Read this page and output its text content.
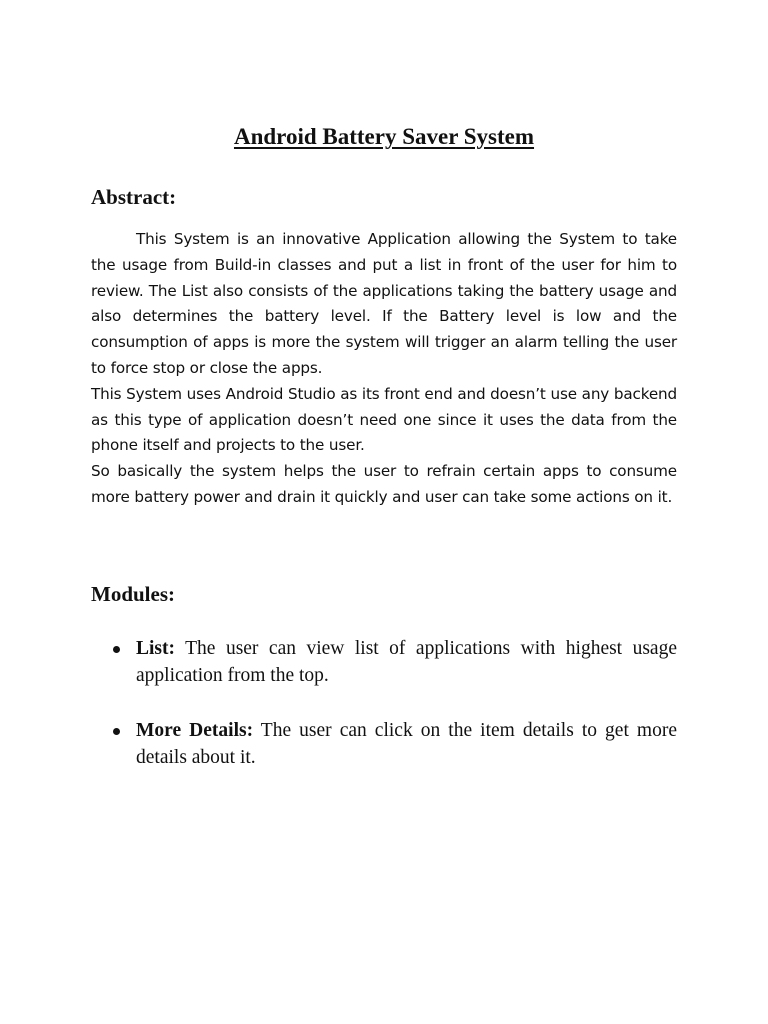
Android Battery Saver System
Abstract:

This System is an innovative Application allowing the System to take the usage from Build-in classes and put a list in front of the user for him to review. The List also consists of the applications taking the battery usage and also determines the battery level. If the Battery level is low and the consumption of apps is more the system will trigger an alarm telling the user to force stop or close the apps.

This System uses Android Studio as its front end and doesn’t use any backend as this type of application doesn’t need one since it uses the data from the phone itself and projects to the user.

So basically the system helps the user to refrain certain apps to consume more battery power and drain it quickly and user can take some actions on it.

Modules:
List: The user can view list of applications with highest usage application from the top.
More Details: The user can click on the item details to get more details about it.
